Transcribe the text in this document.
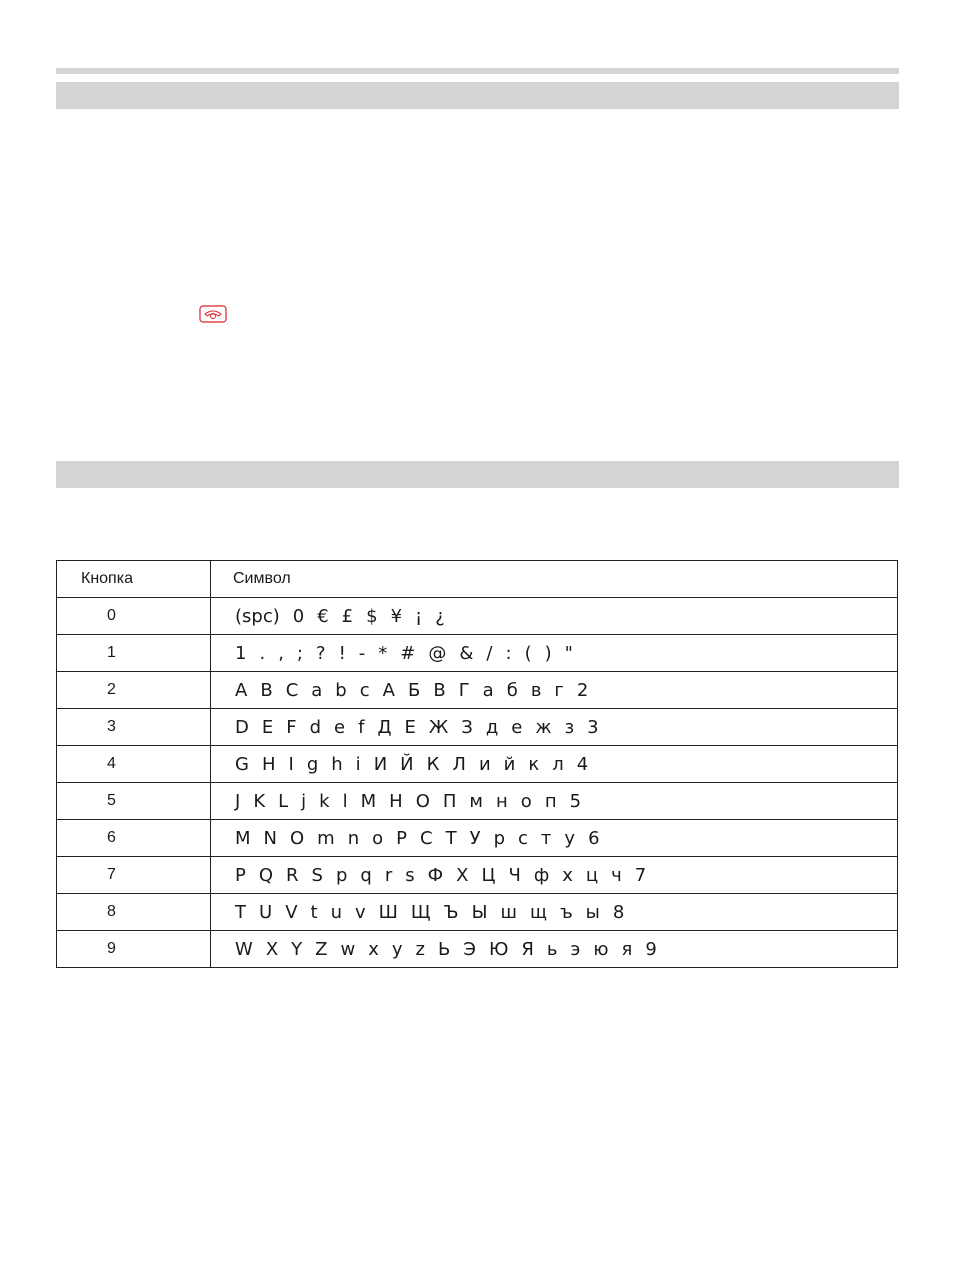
Кнопка	Символ
0	(spc) 0 € £ $ ¥ ¡ ¿
1	1 . , ; ? ! - * # @ & / : ( ) "
2	A B C a b c А Б В Г а б в г 2
3	D E F d e f Д Е Ж З д е ж з 3
4	G H I g h i И Й К Л и й к л 4
5	J K L j k l М Н О П м н о п 5
6	M N O m n o Р С Т У р с т у 6
7	P Q R S p q r s Ф Х Ц Ч ф х ц ч 7
8	T U V t u v Ш Щ Ъ Ы ш щ ъ ы 8
9	W X Y Z w x y z Ь Э Ю Я ь э ю я 9
